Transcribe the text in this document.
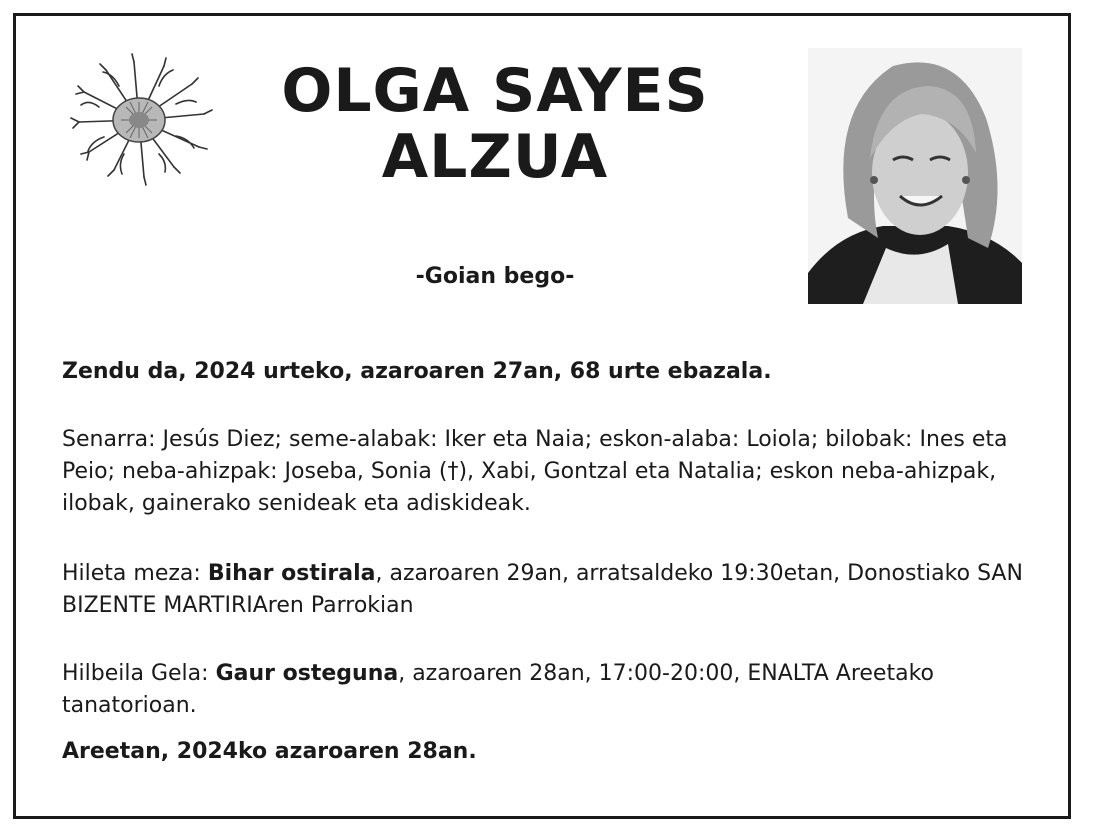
OLGA SAYES
ALZUA
-Goian bego-
Zendu da, 2024 urteko, azaroaren 27an, 68 urte ebazala.
Senarra: Jesús Diez; seme-alabak: Iker eta Naia; eskon-alaba: Loiola; bilobak: Ines eta Peio; neba-ahizpak: Joseba, Sonia (†), Xabi, Gontzal eta Natalia; eskon neba-ahizpak, ilobak, gainerako senideak eta adiskideak.
Hileta meza: Bihar ostirala, azaroaren 29an, arratsaldeko 19:30etan, Donostiako SAN BIZENTE MARTIRIAren Parrokian
Hilbeila Gela: Gaur osteguna, azaroaren 28an, 17:00-20:00, ENALTA Areetako tanatorioan.
Areetan, 2024ko azaroaren 28an.
